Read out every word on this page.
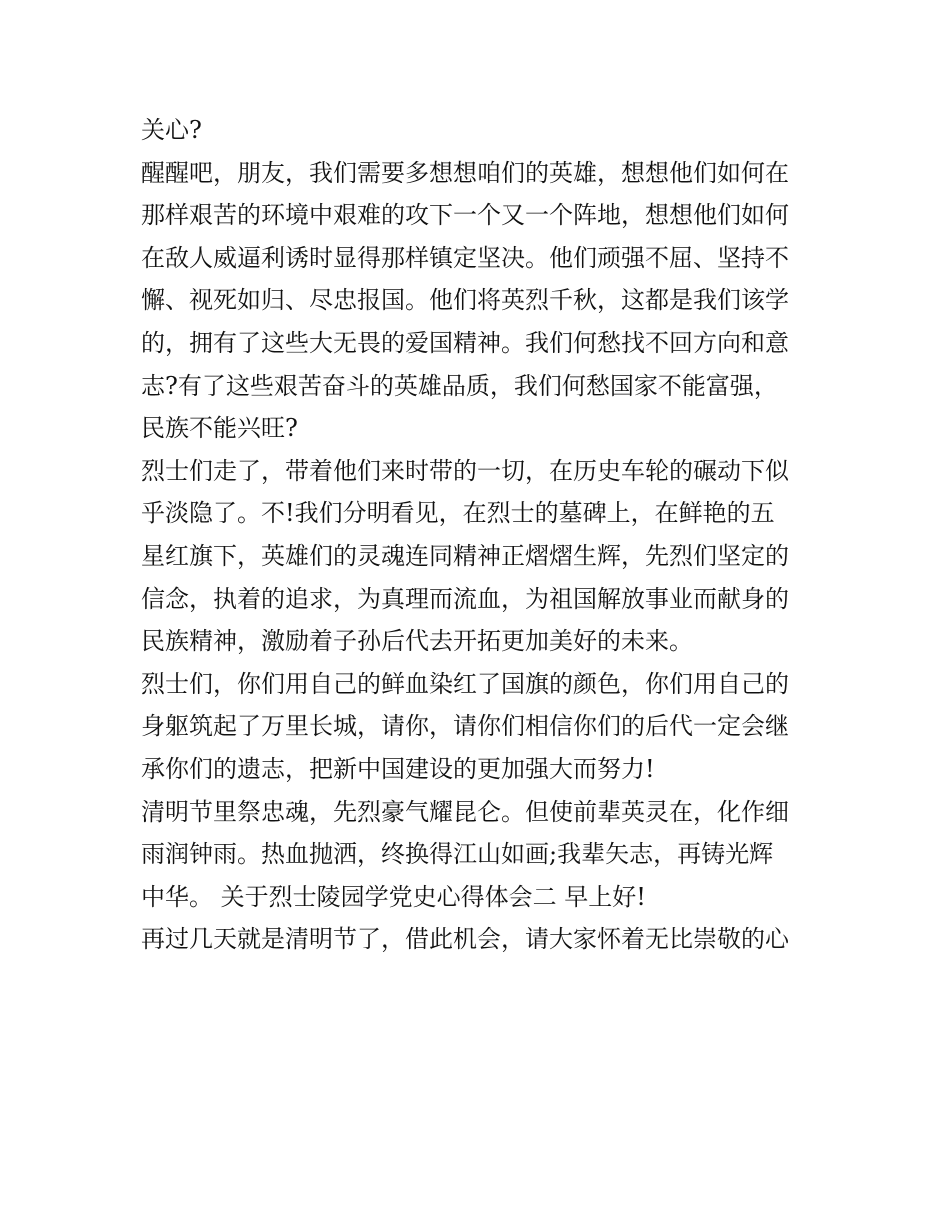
关心?
醒醒吧，朋友，我们需要多想想咱们的英雄，想想他们如何在
那样艰苦的环境中艰难的攻下一个又一个阵地，想想他们如何
在敌人威逼利诱时显得那样镇定坚决。他们顽强不屈、坚持不
懈、视死如归、尽忠报国。他们将英烈千秋，这都是我们该学
的，拥有了这些大无畏的爱国精神。我们何愁找不回方向和意
志?有了这些艰苦奋斗的英雄品质，我们何愁国家不能富强，
民族不能兴旺?
烈士们走了，带着他们来时带的一切，在历史车轮的碾动下似
乎淡隐了。不!我们分明看见，在烈士的墓碑上，在鲜艳的五
星红旗下，英雄们的灵魂连同精神正熠熠生辉，先烈们坚定的
信念，执着的追求，为真理而流血，为祖国解放事业而献身的
民族精神，激励着子孙后代去开拓更加美好的未来。
烈士们，你们用自己的鲜血染红了国旗的颜色，你们用自己的
身躯筑起了万里长城，请你，请你们相信你们的后代一定会继
承你们的遗志，把新中国建设的更加强大而努力!
清明节里祭忠魂，先烈豪气耀昆仑。但使前辈英灵在，化作细
雨润钟雨。热血抛洒，终换得江山如画;我辈矢志，再铸光辉
中华。 关于烈士陵园学党史心得体会二 早上好!
再过几天就是清明节了，借此机会，请大家怀着无比崇敬的心
